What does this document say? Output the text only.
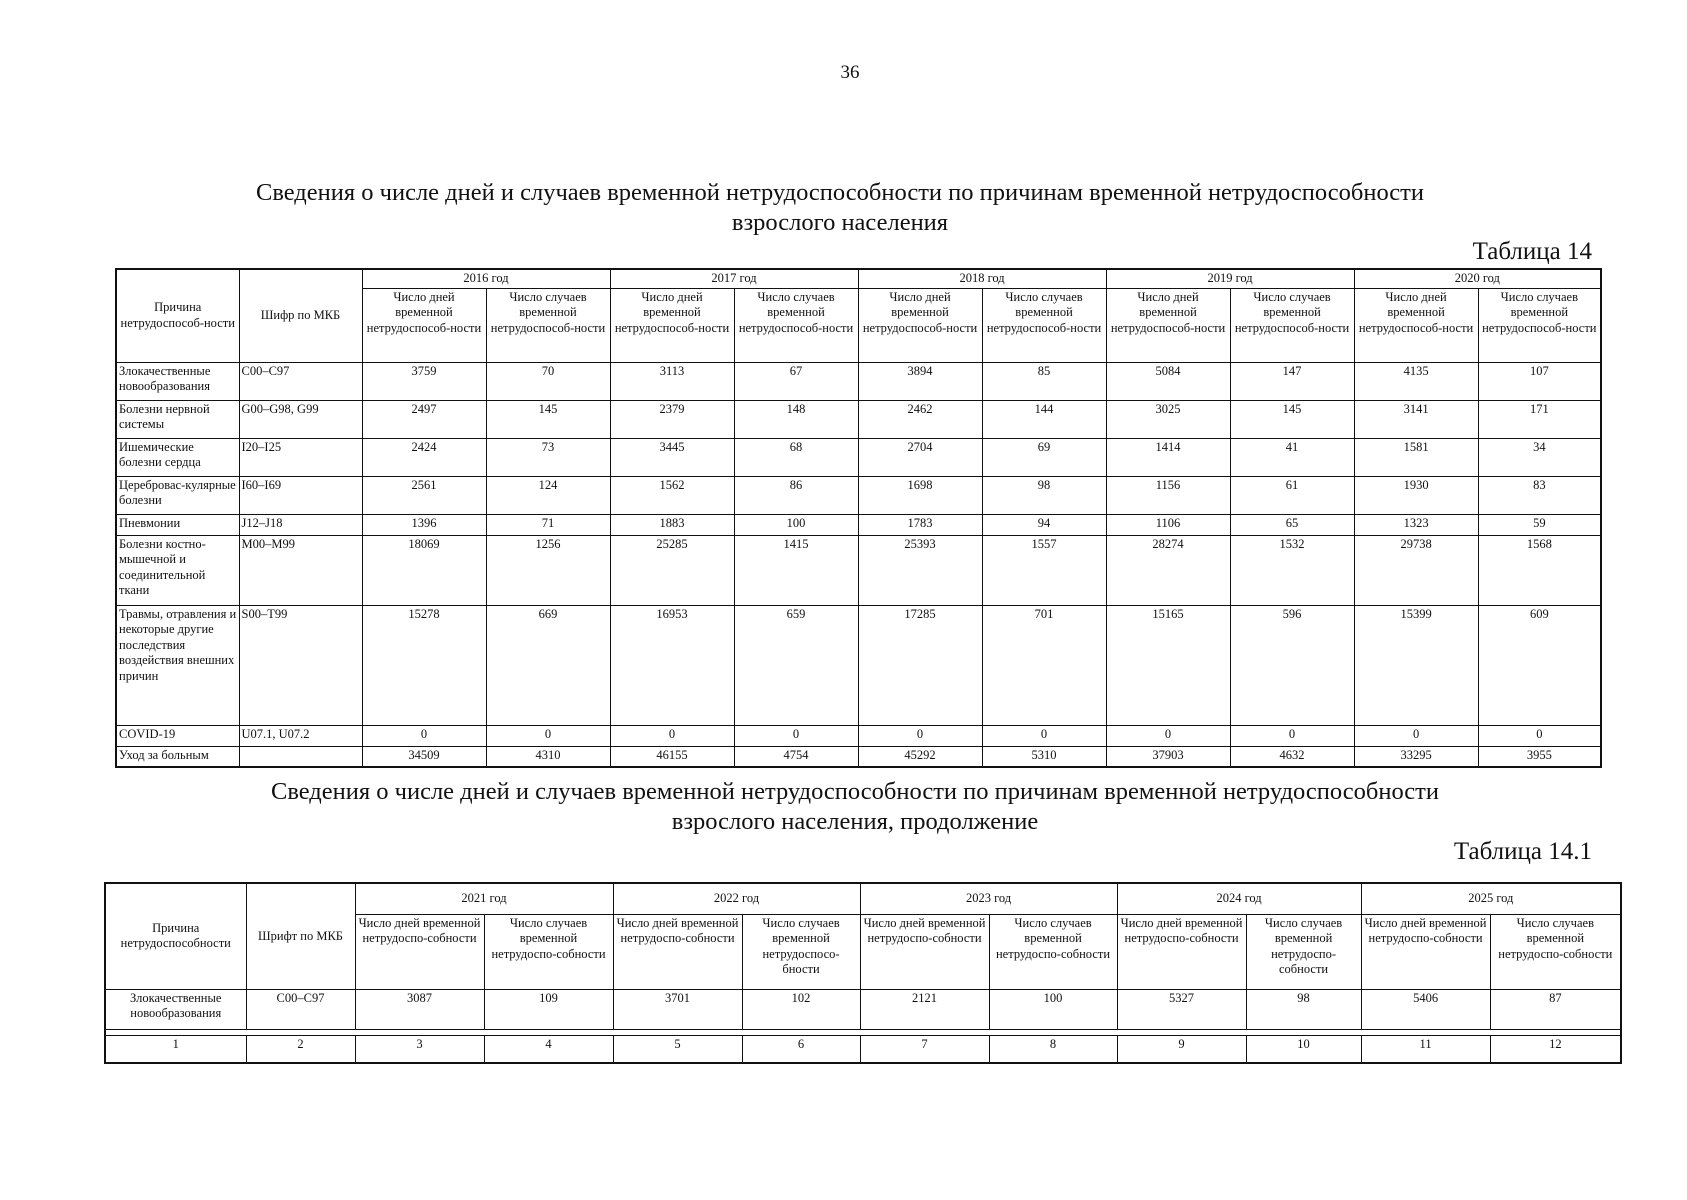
36
Сведения о числе дней и случаев временной нетрудоспособности по причинам временной нетрудоспособности
взрослого населения
Таблица 14
Причина нетрудоспособ-ности	Шифр по МКБ	2016 год		2017 год		2018 год		2019 год		2020 год	
		Число дней временной нетрудоспособ-ности	Число случаев временной нетрудоспособ-ности	Число дней временной нетрудоспособ-ности	Число случаев временной нетрудоспособ-ности	Число дней временной нетрудоспособ-ности	Число случаев временной нетрудоспособ-ности	Число дней временной нетрудоспособ-ности	Число случаев временной нетрудоспособ-ности	Число дней временной нетрудоспособ-ности	Число случаев временной нетрудоспособ-ности
Злокачественные новообразования	C00–C97	3759	70	3113	67	3894	85	5084	147	4135	107
Болезни нервной системы	G00–G98, G99	2497	145	2379	148	2462	144	3025	145	3141	171
Ишемические болезни сердца	I20–I25	2424	73	3445	68	2704	69	1414	41	1581	34
Цереброваc-кулярные болезни	I60–I69	2561	124	1562	86	1698	98	1156	61	1930	83
Пневмонии	J12–J18	1396	71	1883	100	1783	94	1106	65	1323	59
Болезни костно-мышечной и соединительной ткани	M00–M99	18069	1256	25285	1415	25393	1557	28274	1532	29738	1568
Травмы, отравления и некоторые другие последствия воздействия внешних причин	S00–T99	15278	669	16953	659	17285	701	15165	596	15399	609
COVID-19	U07.1, U07.2	0	0	0	0	0	0	0	0	0	0
Уход за больным		34509	4310	46155	4754	45292	5310	37903	4632	33295	3955
Сведения о числе дней и случаев временной нетрудоспособности по причинам временной нетрудоспособности
взрослого населения, продолжение
Таблица 14.1
Причина нетрудоспособности	Шрифт по МКБ	2021 год		2022 год		2023 год		2024 год		2025 год	
		Число дней временной нетрудоспо-собности	Число случаев временной нетрудоспо-собности	Число дней временной нетрудоспо-собности	Число случаев временной нетрудоспосо-бности	Число дней временной нетрудоспо-собности	Число случаев временной нетрудоспо-собности	Число дней временной нетрудоспо-собности	Число случаев временной нетрудоспо-собности	Число дней временной нетрудоспо-собности	Число случаев временной нетрудоспо-собности
Злокачественные новообразования	C00–C97	3087	109	3701	102	2121	100	5327	98	5406	87

1	2	3	4	5	6	7	8	9	10	11	12
